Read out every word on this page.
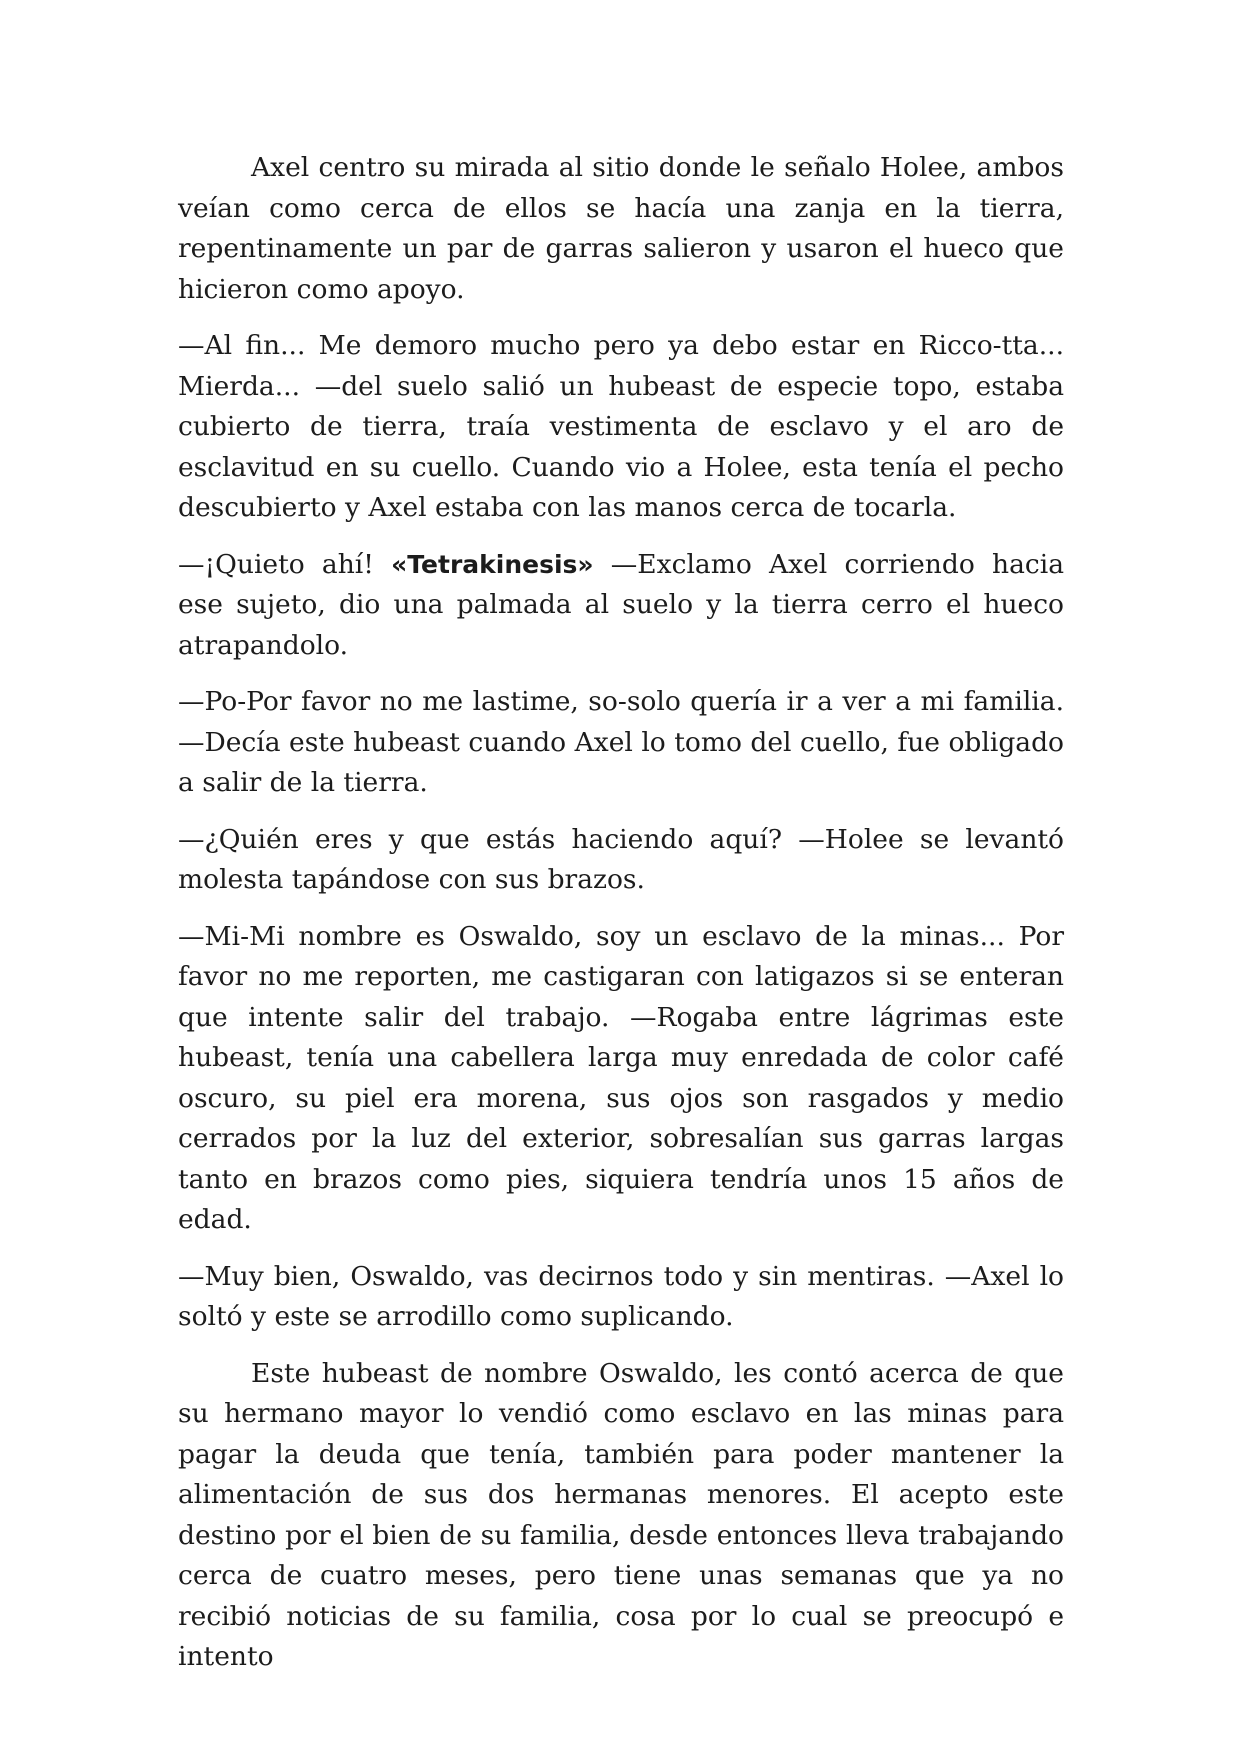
Axel centro su mirada al sitio donde le señalo Holee, ambos veían como cerca de ellos se hacía una zanja en la tierra, repentinamente un par de garras salieron y usaron el hueco que hicieron como apoyo.

—Al fin... Me demoro mucho pero ya debo estar en Ricco-tta... Mierda... —del suelo salió un hubeast de especie topo, estaba cubierto de tierra, traía vestimenta de esclavo y el aro de esclavitud en su cuello. Cuando vio a Holee, esta tenía el pecho descubierto y Axel estaba con las manos cerca de tocarla.

—¡Quieto ahí! «Tetrakinesis» —Exclamo Axel corriendo hacia ese sujeto, dio una palmada al suelo y la tierra cerro el hueco atrapandolo.

—Po-Por favor no me lastime, so-solo quería ir a ver a mi familia. —Decía este hubeast cuando Axel lo tomo del cuello, fue obligado a salir de la tierra.

—¿Quién eres y que estás haciendo aquí? —Holee se levantó molesta tapándose con sus brazos.

—Mi-Mi nombre es Oswaldo, soy un esclavo de la minas... Por favor no me reporten, me castigaran con latigazos si se enteran que intente salir del trabajo. —Rogaba entre lágrimas este hubeast, tenía una cabellera larga muy enredada de color café oscuro, su piel era morena, sus ojos son rasgados y medio cerrados por la luz del exterior, sobresalían sus garras largas tanto en brazos como pies, siquiera tendría unos 15 años de edad.

—Muy bien, Oswaldo, vas decirnos todo y sin mentiras. —Axel lo soltó y este se arrodillo como suplicando.

Este hubeast de nombre Oswaldo, les contó acerca de que su hermano mayor lo vendió como esclavo en las minas para pagar la deuda que tenía, también para poder mantener la alimentación de sus dos hermanas menores. El acepto este destino por el bien de su familia, desde entonces lleva trabajando cerca de cuatro meses, pero tiene unas semanas que ya no recibió noticias de su familia, cosa por lo cual se preocupó e intento
